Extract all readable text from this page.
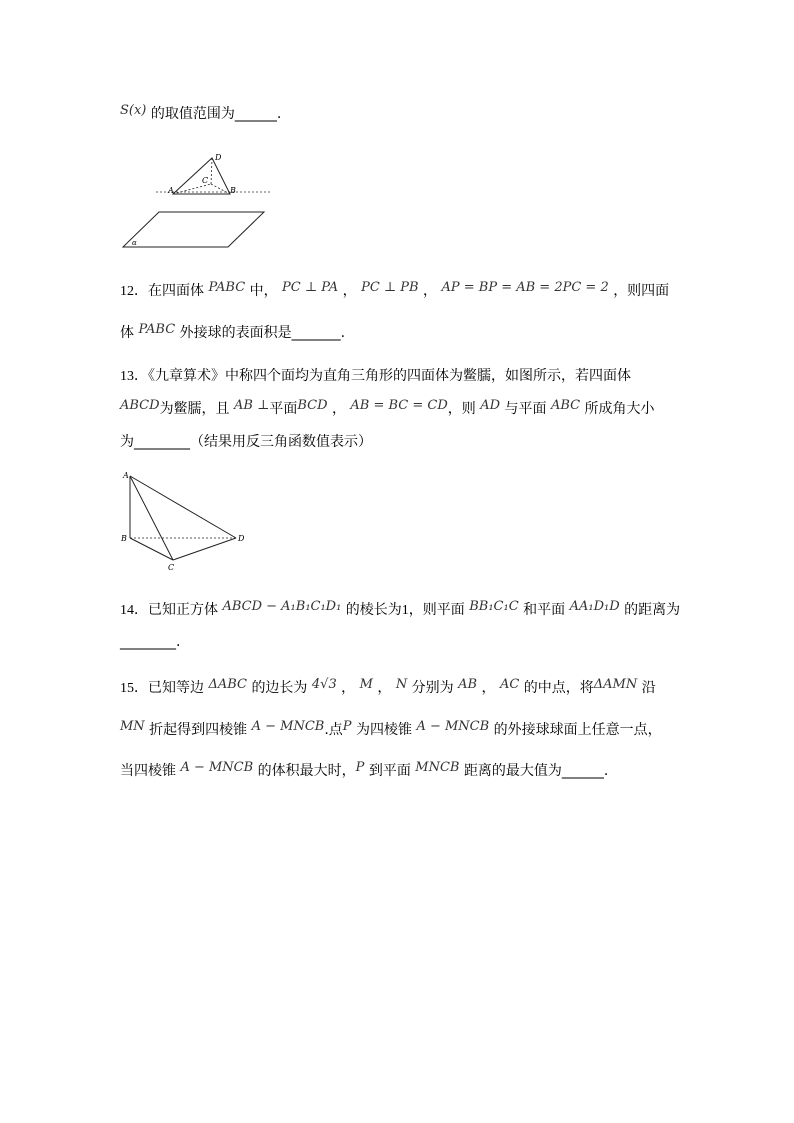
S(x) 的取值范围为______.
D
C
A	B
α
12．在四面体 PABC 中， PC ⊥ PA ， PC ⊥ PB ， AP = BP = AB = 2PC = 2 ，则四面
体 PABC 外接球的表面积是_______.
13．《九章算术》中称四个面均为直角三角形的四面体为鳖臑，如图所示，若四面体
ABCD为鳖臑，且 AB ⊥平面BCD ， AB = BC = CD，则 AD 与平面 ABC 所成角大小
为________（结果用反三角函数值表示）
A
B
C
D
14．已知正方体 ABCD − A₁B₁C₁D₁ 的棱长为1，则平面 BB₁C₁C 和平面 AA₁D₁D 的距离为
________.
15．已知等边 ΔABC 的边长为 4√3 ， M ， N 分别为 AB ， AC 的中点，将ΔAMN 沿
MN 折起得到四棱锥 A − MNCB.点P 为四棱锥 A − MNCB 的外接球球面上任意一点，
当四棱锥 A − MNCB 的体积最大时，P 到平面 MNCB 距离的最大值为______.
